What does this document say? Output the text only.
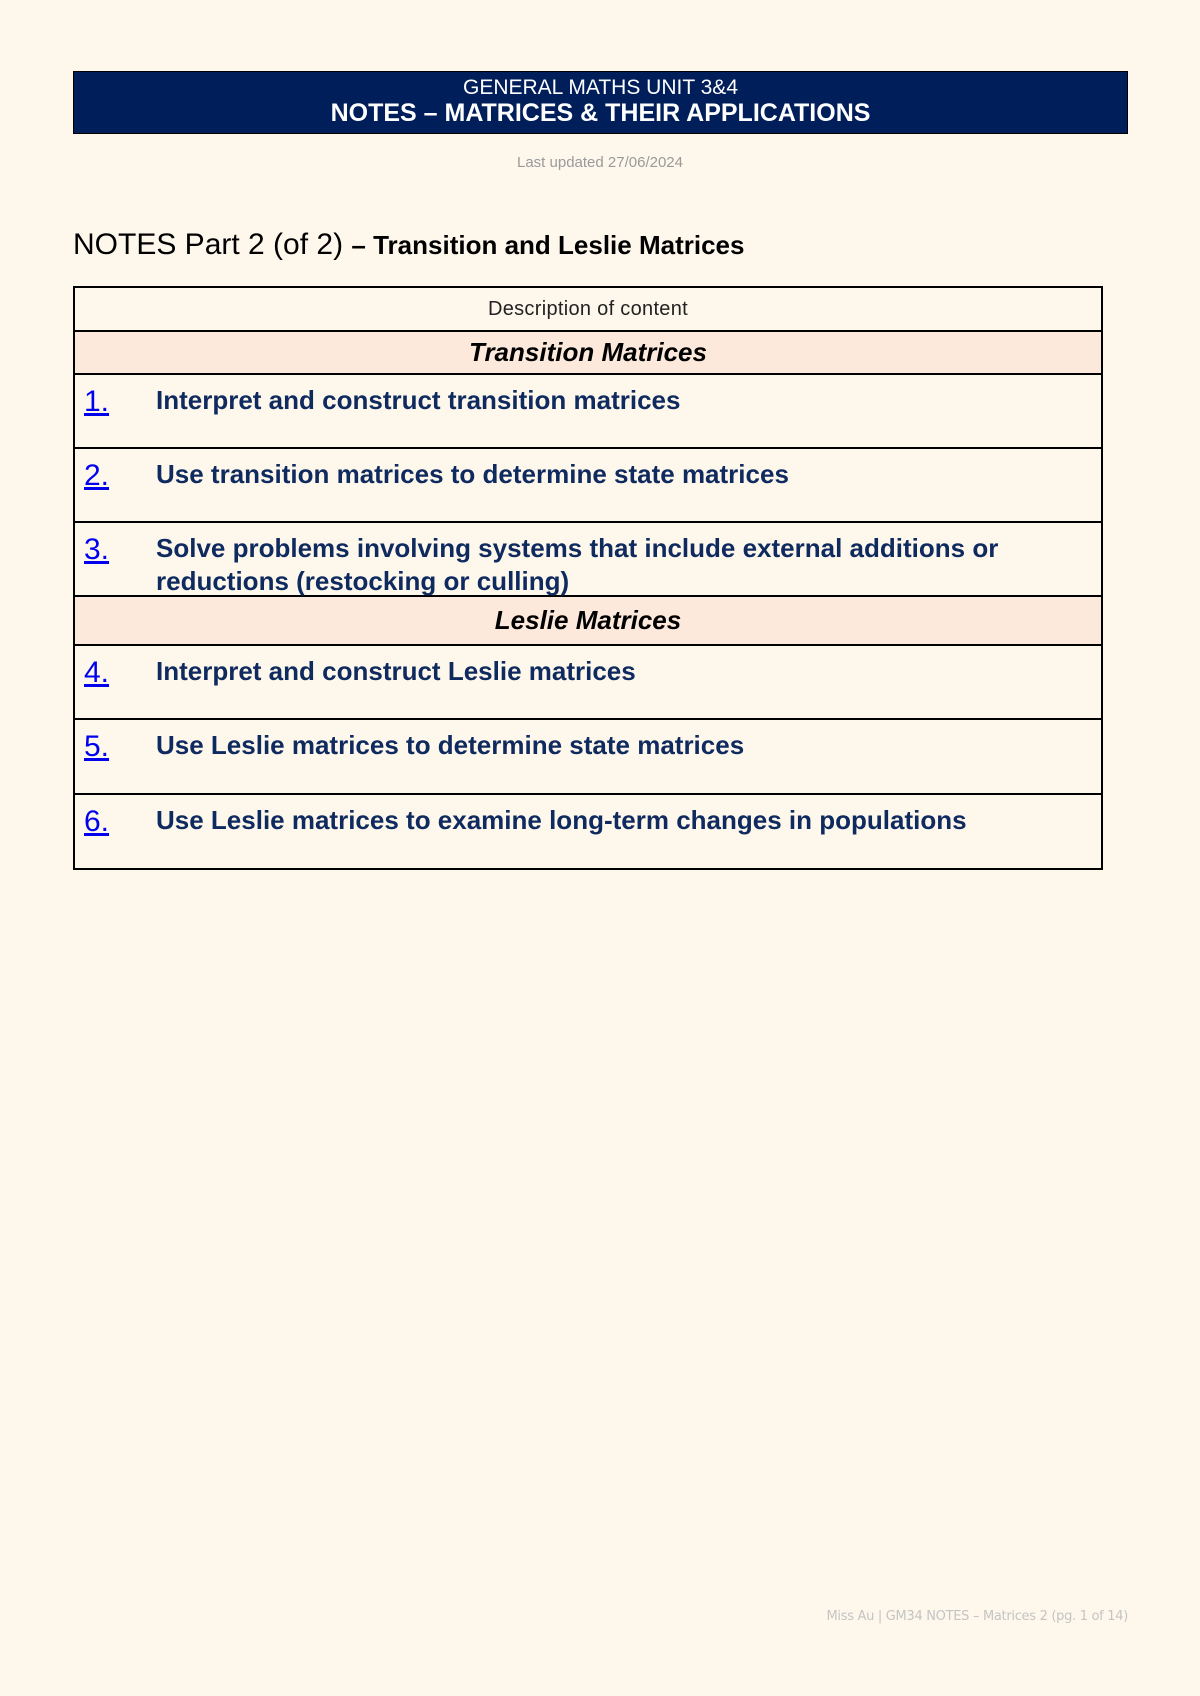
GENERAL MATHS UNIT 3&4
NOTES – MATRICES & THEIR APPLICATIONS
Last updated 27/06/2024
NOTES Part 2 (of 2) – Transition and Leslie Matrices
Description of content
Transition Matrices
1. Interpret and construct transition matrices
2. Use transition matrices to determine state matrices
3. Solve problems involving systems that include external additions or reductions (restocking or culling)
Leslie Matrices
4. Interpret and construct Leslie matrices
5. Use Leslie matrices to determine state matrices
6. Use Leslie matrices to examine long-term changes in populations
Miss Au | GM34 NOTES – Matrices 2 (pg. 1 of 14)
